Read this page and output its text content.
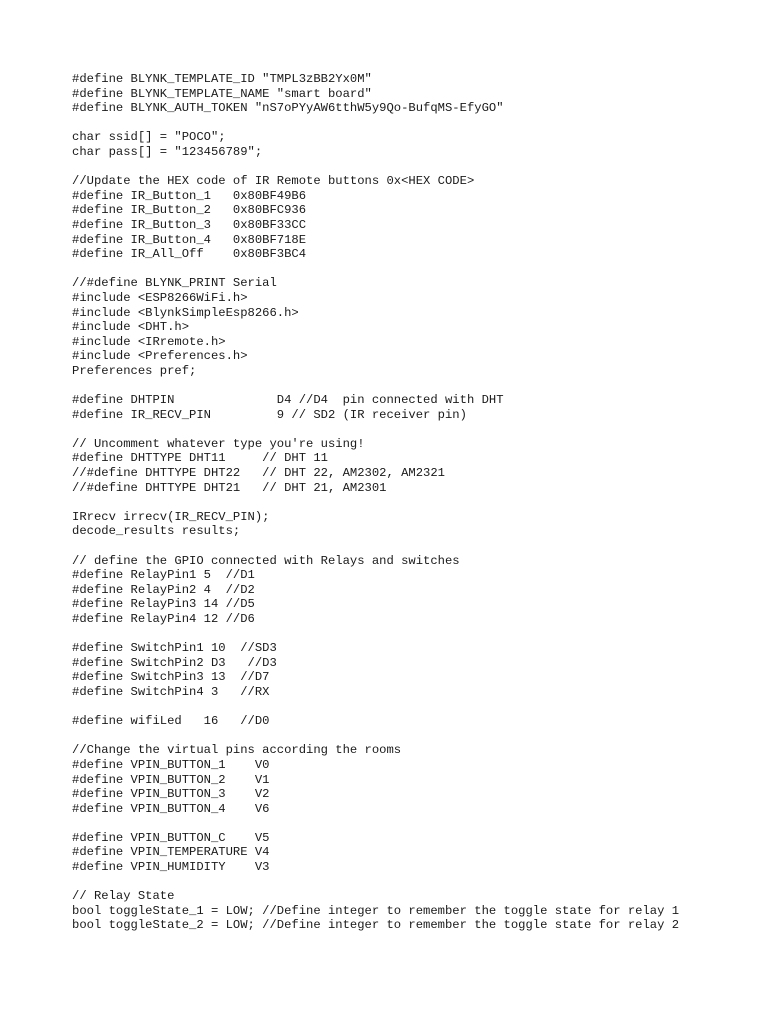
#define BLYNK_TEMPLATE_ID "TMPL3zBB2Yx0M"
#define BLYNK_TEMPLATE_NAME "smart board"
#define BLYNK_AUTH_TOKEN "nS7oPYyAW6tthW5y9Qo-BufqMS-EfyGO"
char ssid[] = "POCO";
char pass[] = "123456789";
//Update the HEX code of IR Remote buttons 0x<HEX CODE>
#define IR_Button_1   0x80BF49B6
#define IR_Button_2   0x80BFC936
#define IR_Button_3   0x80BF33CC
#define IR_Button_4   0x80BF718E
#define IR_All_Off    0x80BF3BC4
//#define BLYNK_PRINT Serial
#include <ESP8266WiFi.h>
#include <BlynkSimpleEsp8266.h>
#include <DHT.h>
#include <IRremote.h>
#include <Preferences.h>
Preferences pref;
#define DHTPIN              D4 //D4  pin connected with DHT
#define IR_RECV_PIN         9 // SD2 (IR receiver pin)
// Uncomment whatever type you're using!
#define DHTTYPE DHT11     // DHT 11
//#define DHTTYPE DHT22   // DHT 22, AM2302, AM2321
//#define DHTTYPE DHT21   // DHT 21, AM2301
IRrecv irrecv(IR_RECV_PIN);
decode_results results;
// define the GPIO connected with Relays and switches
#define RelayPin1 5  //D1
#define RelayPin2 4  //D2
#define RelayPin3 14 //D5
#define RelayPin4 12 //D6
#define SwitchPin1 10  //SD3
#define SwitchPin2 D3   //D3
#define SwitchPin3 13  //D7
#define SwitchPin4 3   //RX
#define wifiLed   16   //D0
//Change the virtual pins according the rooms
#define VPIN_BUTTON_1    V0
#define VPIN_BUTTON_2    V1
#define VPIN_BUTTON_3    V2
#define VPIN_BUTTON_4    V6
#define VPIN_BUTTON_C    V5
#define VPIN_TEMPERATURE V4
#define VPIN_HUMIDITY    V3
// Relay State
bool toggleState_1 = LOW; //Define integer to remember the toggle state for relay 1
bool toggleState_2 = LOW; //Define integer to remember the toggle state for relay 2
